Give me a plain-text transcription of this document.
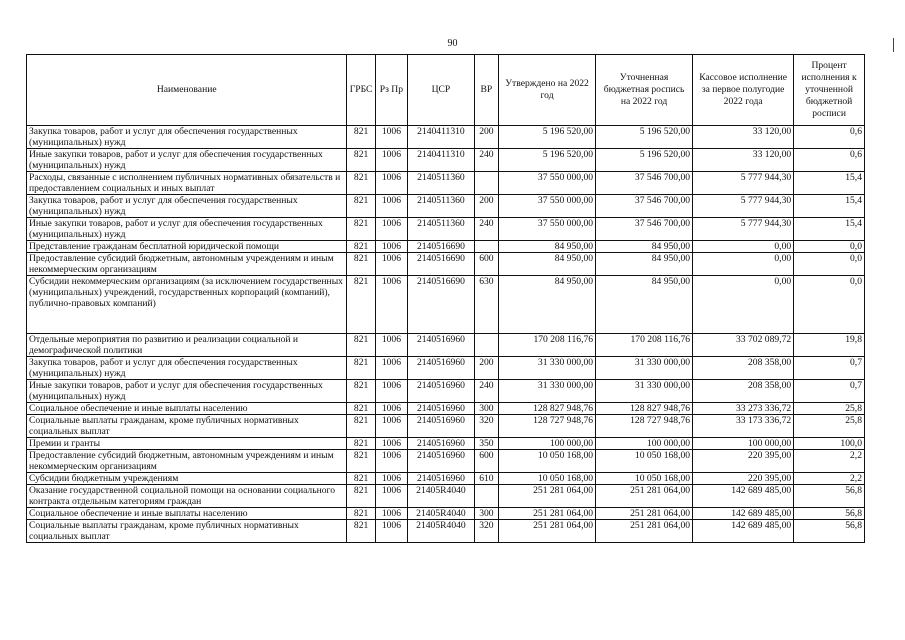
90
Наименование	ГРБС	Рз Пр	ЦСР	ВР	Утверждено на 2022 год	Уточненная бюджетная роспись на 2022 год	Кассовое исполнение за первое полугодие 2022 года	Процент исполнения к уточненной бюджетной росписи
Закупка товаров, работ и услуг для обеспечения государственных (муниципальных) нужд	821	1006	2140411310	200	5 196 520,00	5 196 520,00	33 120,00	0,6
Иные закупки товаров, работ и услуг для обеспечения государственных (муниципальных) нужд	821	1006	2140411310	240	5 196 520,00	5 196 520,00	33 120,00	0,6
Расходы, связанные с исполнением публичных нормативных обязательств и предоставлением социальных и иных выплат	821	1006	2140511360		37 550 000,00	37 546 700,00	5 777 944,30	15,4
Закупка товаров, работ и услуг для обеспечения государственных (муниципальных) нужд	821	1006	2140511360	200	37 550 000,00	37 546 700,00	5 777 944,30	15,4
Иные закупки товаров, работ и услуг для обеспечения государственных (муниципальных) нужд	821	1006	2140511360	240	37 550 000,00	37 546 700,00	5 777 944,30	15,4
Представление гражданам бесплатной юридической помощи	821	1006	2140516690		84 950,00	84 950,00	0,00	0,0
Предоставление субсидий бюджетным, автономным учреждениям и иным некоммерческим организациям	821	1006	2140516690	600	84 950,00	84 950,00	0,00	0,0
Субсидии некоммерческим организациям (за исключением государственных (муниципальных) учреждений, государственных корпораций (компаний), публично-правовых компаний)	821	1006	2140516690	630	84 950,00	84 950,00	0,00	0,0
Отдельные мероприятия по развитию и реализации социальной и демографической политики	821	1006	2140516960		170 208 116,76	170 208 116,76	33 702 089,72	19,8
Закупка товаров, работ и услуг для обеспечения государственных (муниципальных) нужд	821	1006	2140516960	200	31 330 000,00	31 330 000,00	208 358,00	0,7
Иные закупки товаров, работ и услуг для обеспечения государственных (муниципальных) нужд	821	1006	2140516960	240	31 330 000,00	31 330 000,00	208 358,00	0,7
Социальное обеспечение и иные выплаты населению	821	1006	2140516960	300	128 827 948,76	128 827 948,76	33 273 336,72	25,8
Социальные выплаты гражданам, кроме публичных нормативных социальных выплат	821	1006	2140516960	320	128 727 948,76	128 727 948,76	33 173 336,72	25,8
Премии и гранты	821	1006	2140516960	350	100 000,00	100 000,00	100 000,00	100,0
Предоставление субсидий бюджетным, автономным учреждениям и иным некоммерческим организациям	821	1006	2140516960	600	10 050 168,00	10 050 168,00	220 395,00	2,2
Субсидии бюджетным учреждениям	821	1006	2140516960	610	10 050 168,00	10 050 168,00	220 395,00	2,2
Оказание государственной социальной помощи на основании социального контракта отдельным категориям граждан	821	1006	21405R4040		251 281 064,00	251 281 064,00	142 689 485,00	56,8
Социальное обеспечение и иные выплаты населению	821	1006	21405R4040	300	251 281 064,00	251 281 064,00	142 689 485,00	56,8
Социальные выплаты гражданам, кроме публичных нормативных социальных выплат	821	1006	21405R4040	320	251 281 064,00	251 281 064,00	142 689 485,00	56,8
